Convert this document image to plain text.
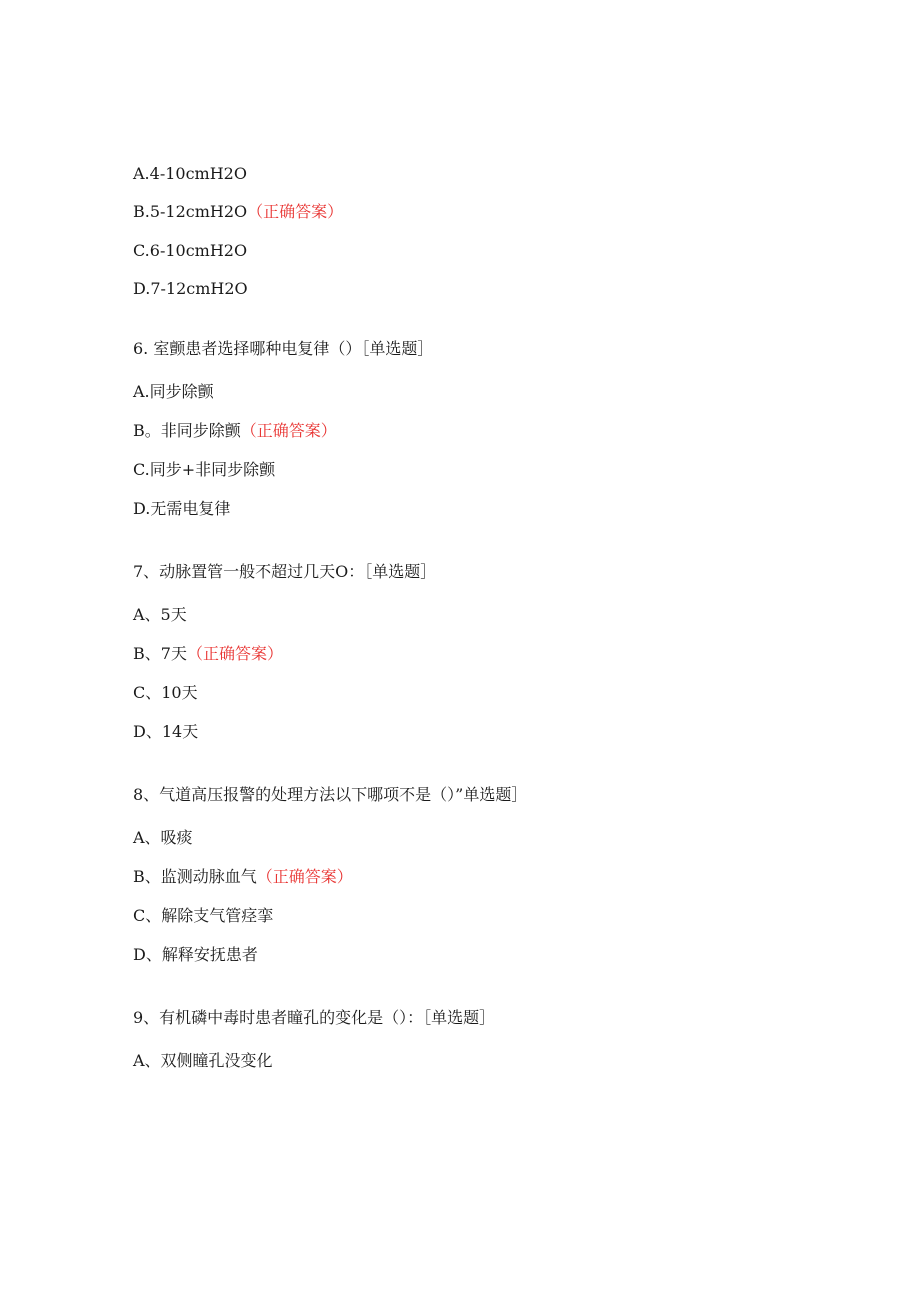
A.4-10cmH2O
B.5-12cmH2O（正确答案）
C.6-10cmH2O
D.7-12cmH2O
6. 室颤患者选择哪种电复律（）［单选题］
A.同步除颤
B。非同步除颤（正确答案）
C.同步+非同步除颤
D.无需电复律
7、动脉置管一般不超过几天O：［单选题］
A、5天
B、7天（正确答案）
C、10天
D、14天
8、气道高压报警的处理方法以下哪项不是（）”单选题］
A、吸痰
B、监测动脉血气（正确答案）
C、解除支气管痉挛
D、解释安抚患者
9、有机磷中毒时患者瞳孔的变化是（）：［单选题］
A、双侧瞳孔没变化
